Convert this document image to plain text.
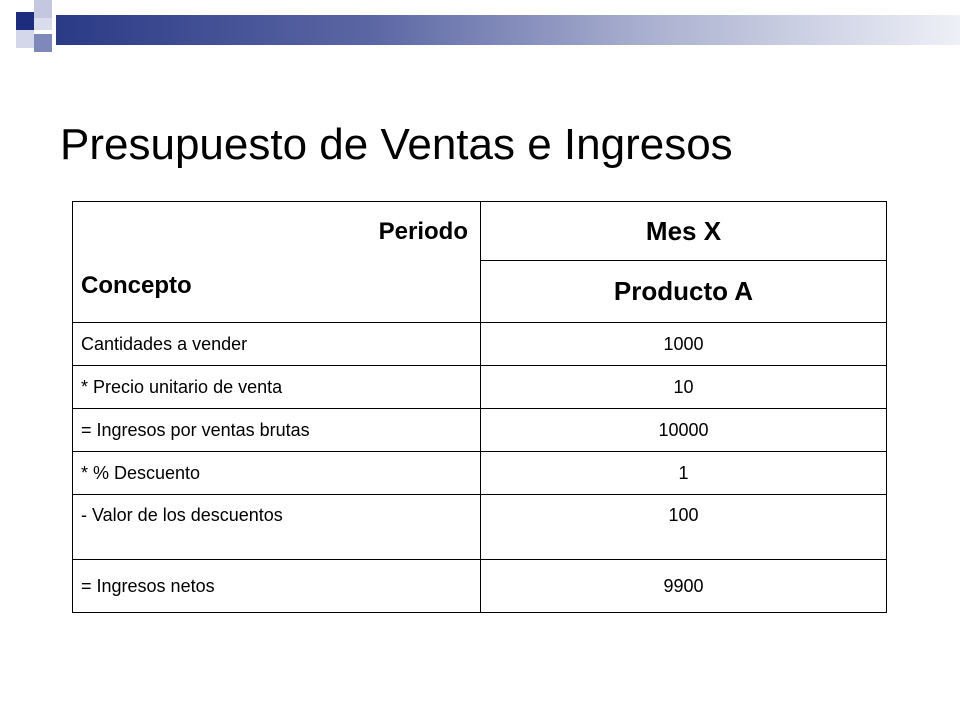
Presupuesto de Ventas e Ingresos
Periodo
Concepto	Mes X
	Producto A
Cantidades a vender	1000
* Precio unitario de venta	10
= Ingresos por ventas brutas	10000
* % Descuento	1
- Valor de los descuentos	100
= Ingresos netos	9900
